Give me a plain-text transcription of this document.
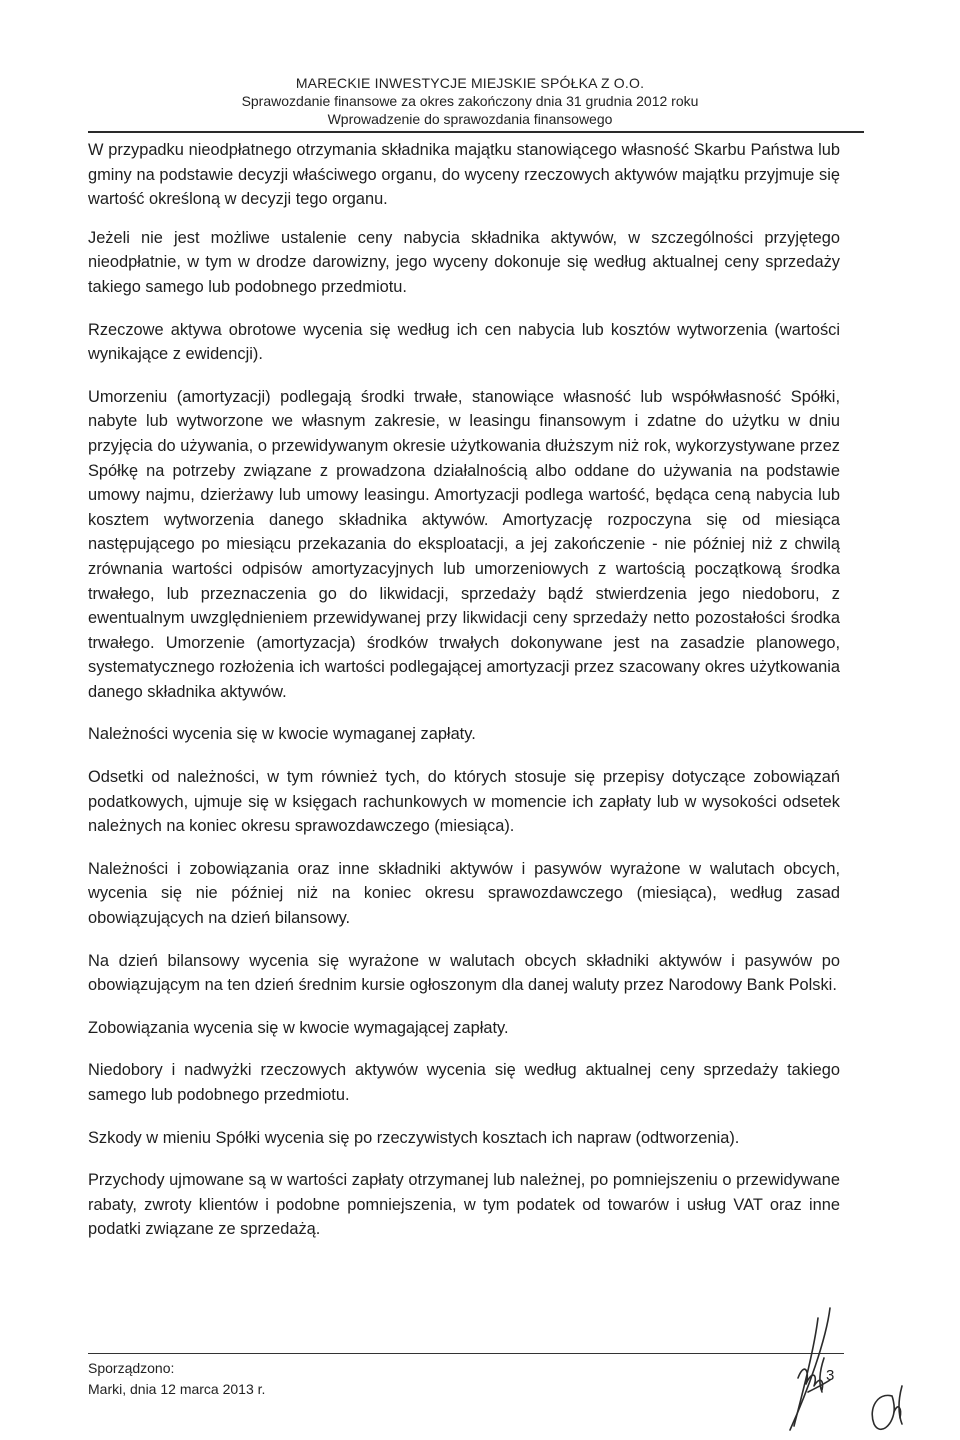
MARECKIE INWESTYCJE MIEJSKIE SPÓŁKA Z O.O.
Sprawozdanie finansowe za okres zakończony dnia 31 grudnia 2012 roku
Wprowadzenie do sprawozdania finansowego

W przypadku nieodpłatnego otrzymania składnika majątku stanowiącego własność Skarbu Państwa lub gminy na podstawie decyzji właściwego organu, do wyceny rzeczowych aktywów majątku przyjmuje się wartość określoną w decyzji tego organu.

Jeżeli nie jest możliwe ustalenie ceny nabycia składnika aktywów, w szczególności przyjętego nieodpłatnie, w tym w drodze darowizny, jego wyceny dokonuje się według aktualnej ceny sprzedaży takiego samego lub podobnego przedmiotu.

Rzeczowe aktywa obrotowe wycenia się według ich cen nabycia lub kosztów wytworzenia (wartości wynikające z ewidencji).

Umorzeniu (amortyzacji) podlegają środki trwałe, stanowiące własność lub współwłasność Spółki, nabyte lub wytworzone we własnym zakresie, w leasingu finansowym i zdatne do użytku w dniu przyjęcia do używania, o przewidywanym okresie użytkowania dłuższym niż rok, wykorzystywane przez Spółkę na potrzeby związane z prowadzona działalnością albo oddane do używania na podstawie umowy najmu, dzierżawy lub umowy leasingu. Amortyzacji podlega wartość, będąca ceną nabycia lub kosztem wytworzenia danego składnika aktywów. Amortyzację rozpoczyna się od miesiąca następującego po miesiącu przekazania do eksploatacji, a jej zakończenie - nie później niż z chwilą zrównania wartości odpisów amortyzacyjnych lub umorzeniowych z wartością początkową środka trwałego, lub przeznaczenia go do likwidacji, sprzedaży bądź stwierdzenia jego niedoboru, z ewentualnym uwzględnieniem przewidywanej przy likwidacji ceny sprzedaży netto pozostałości środka trwałego. Umorzenie (amortyzacja) środków trwałych dokonywane jest na zasadzie planowego, systematycznego rozłożenia ich wartości podlegającej amortyzacji przez szacowany okres użytkowania danego składnika aktywów.

Należności wycenia się w kwocie wymaganej zapłaty.

Odsetki od należności, w tym również tych, do których stosuje się przepisy dotyczące zobowiązań podatkowych, ujmuje się w księgach rachunkowych w momencie ich zapłaty lub w wysokości odsetek należnych na koniec okresu sprawozdawczego (miesiąca).

Należności i zobowiązania oraz inne składniki aktywów i pasywów wyrażone w walutach obcych, wycenia się nie później niż na koniec okresu sprawozdawczego (miesiąca), według zasad obowiązujących na dzień bilansowy.

Na dzień bilansowy wycenia się wyrażone w walutach obcych składniki aktywów i pasywów po obowiązującym na ten dzień średnim kursie ogłoszonym dla danej waluty przez Narodowy Bank Polski.

Zobowiązania wycenia się w kwocie wymagającej zapłaty.

Niedobory i nadwyżki rzeczowych aktywów wycenia się według aktualnej ceny sprzedaży takiego samego lub podobnego przedmiotu.

Szkody w mieniu Spółki wycenia się po rzeczywistych kosztach ich napraw (odtworzenia).

Przychody ujmowane są w wartości zapłaty otrzymanej lub należnej, po pomniejszeniu o przewidywane rabaty, zwroty klientów i podobne pomniejszenia, w tym podatek od towarów i usług VAT oraz inne podatki związane ze sprzedażą.

Sporządzono:
Marki, dnia 12 marca 2013 r.
3
